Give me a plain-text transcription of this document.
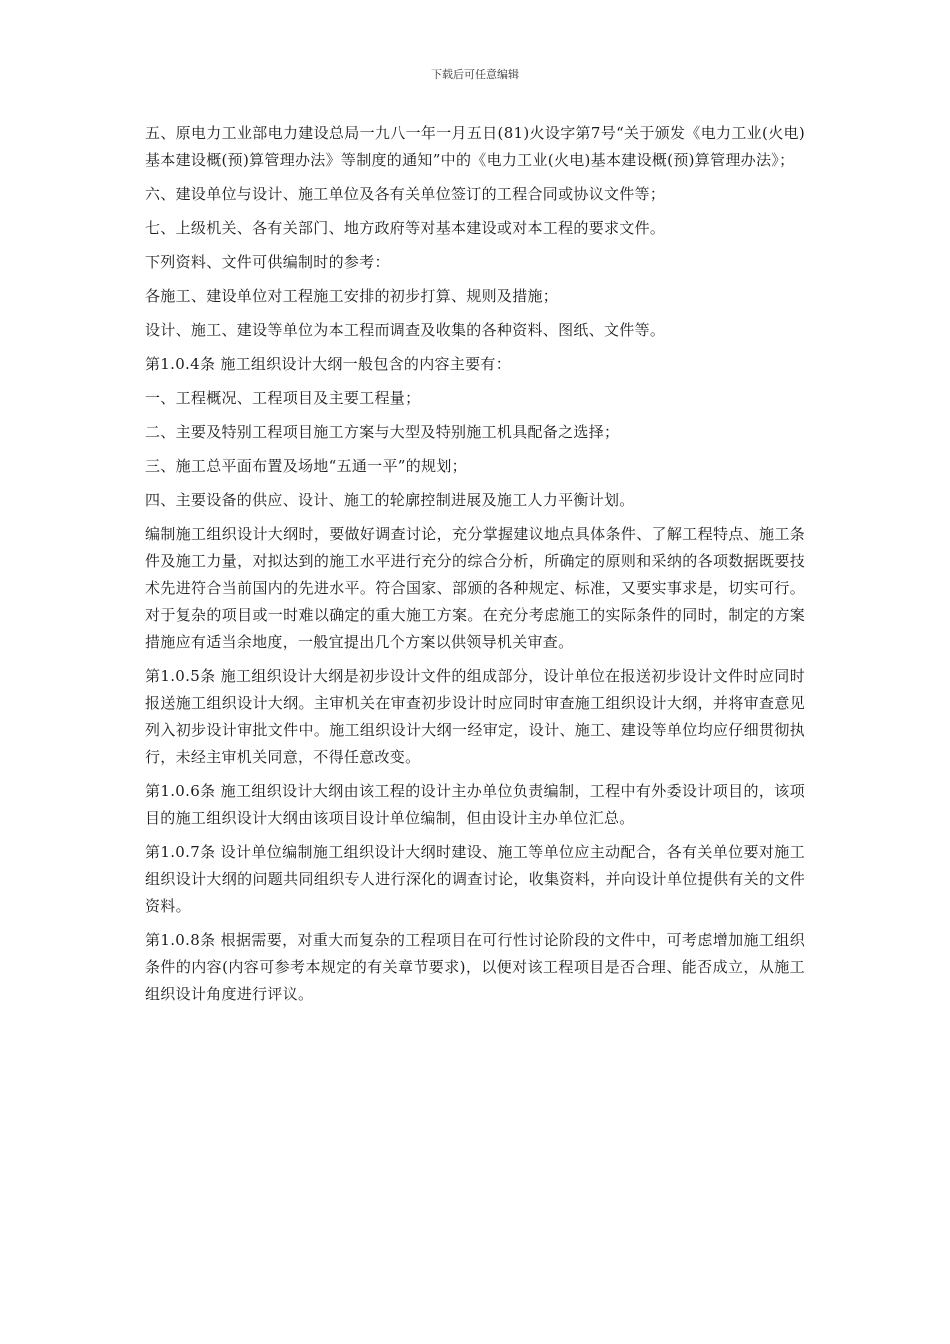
下载后可任意编辑

五、原电力工业部电力建设总局一九八一年一月五日(81)火设字第7号“关于颁发《电力工业(火电)基本建设概(预)算管理办法》等制度的通知”中的《电力工业(火电)基本建设概(预)算管理办法》；

六、建设单位与设计、施工单位及各有关单位签订的工程合同或协议文件等；

七、上级机关、各有关部门、地方政府等对基本建设或对本工程的要求文件。

下列资料、文件可供编制时的参考：

各施工、建设单位对工程施工安排的初步打算、规则及措施；

设计、施工、建设等单位为本工程而调查及收集的各种资料、图纸、文件等。

第1.0.4条 施工组织设计大纲一般包含的内容主要有：

一、工程概况、工程项目及主要工程量；

二、主要及特别工程项目施工方案与大型及特别施工机具配备之选择；

三、施工总平面布置及场地“五通一平”的规划；

四、主要设备的供应、设计、施工的轮廓控制进展及施工人力平衡计划。

编制施工组织设计大纲时，要做好调查讨论，充分掌握建议地点具体条件、了解工程特点、施工条件及施工力量，对拟达到的施工水平进行充分的综合分析，所确定的原则和采纳的各项数据既要技术先进符合当前国内的先进水平。符合国家、部颁的各种规定、标准，又要实事求是，切实可行。对于复杂的项目或一时难以确定的重大施工方案。在充分考虑施工的实际条件的同时，制定的方案措施应有适当余地度，一般宜提出几个方案以供领导机关审查。

第1.0.5条 施工组织设计大纲是初步设计文件的组成部分，设计单位在报送初步设计文件时应同时报送施工组织设计大纲。主审机关在审查初步设计时应同时审查施工组织设计大纲，并将审查意见列入初步设计审批文件中。施工组织设计大纲一经审定，设计、施工、建设等单位均应仔细贯彻执行，未经主审机关同意，不得任意改变。

第1.0.6条 施工组织设计大纲由该工程的设计主办单位负责编制，工程中有外委设计项目的，该项目的施工组织设计大纲由该项目设计单位编制，但由设计主办单位汇总。

第1.0.7条 设计单位编制施工组织设计大纲时建设、施工等单位应主动配合，各有关单位要对施工组织设计大纲的问题共同组织专人进行深化的调查讨论，收集资料，并向设计单位提供有关的文件资料。

第1.0.8条 根据需要，对重大而复杂的工程项目在可行性讨论阶段的文件中，可考虑增加施工组织条件的内容(内容可参考本规定的有关章节要求)，以便对该工程项目是否合理、能否成立，从施工组织设计角度进行评议。
